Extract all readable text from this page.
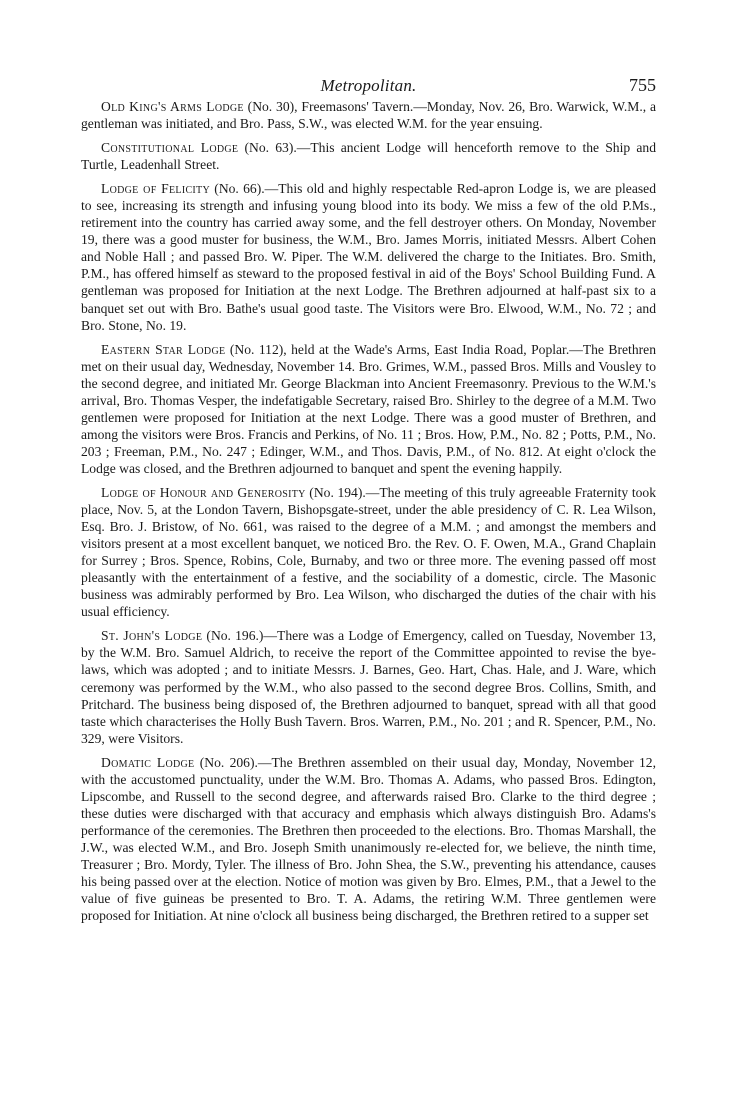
Metropolitan.	755

Old King's Arms Lodge (No. 30), Freemasons' Tavern.—Monday, Nov. 26, Bro. Warwick, W.M., a gentleman was initiated, and Bro. Pass, S.W., was elected W.M. for the year ensuing.

Constitutional Lodge (No. 63).—This ancient Lodge will henceforth remove to the Ship and Turtle, Leadenhall Street.

Lodge of Felicity (No. 66).—This old and highly respectable Red-apron Lodge is, we are pleased to see, increasing its strength and infusing young blood into its body. We miss a few of the old P.Ms., retirement into the country has carried away some, and the fell destroyer others. On Monday, November 19, there was a good muster for business, the W.M., Bro. James Morris, initiated Messrs. Albert Cohen and Noble Hall ; and passed Bro. W. Piper. The W.M. delivered the charge to the Initiates. Bro. Smith, P.M., has offered himself as steward to the proposed festival in aid of the Boys' School Building Fund. A gentleman was proposed for Initiation at the next Lodge. The Brethren adjourned at half-past six to a banquet set out with Bro. Bathe's usual good taste. The Visitors were Bro. Elwood, W.M., No. 72 ; and Bro. Stone, No. 19.

Eastern Star Lodge (No. 112), held at the Wade's Arms, East India Road, Poplar.—The Brethren met on their usual day, Wednesday, November 14. Bro. Grimes, W.M., passed Bros. Mills and Vousley to the second degree, and initiated Mr. George Blackman into Ancient Freemasonry. Previous to the W.M.'s arrival, Bro. Thomas Vesper, the indefatigable Secretary, raised Bro. Shirley to the degree of a M.M. Two gentlemen were proposed for Initiation at the next Lodge. There was a good muster of Brethren, and among the visitors were Bros. Francis and Perkins, of No. 11 ; Bros. How, P.M., No. 82 ; Potts, P.M., No. 203 ; Freeman, P.M., No. 247 ; Edinger, W.M., and Thos. Davis, P.M., of No. 812. At eight o'clock the Lodge was closed, and the Brethren adjourned to banquet and spent the evening happily.

Lodge of Honour and Generosity (No. 194).—The meeting of this truly agreeable Fraternity took place, Nov. 5, at the London Tavern, Bishopsgate-street, under the able presidency of C. R. Lea Wilson, Esq. Bro. J. Bristow, of No. 661, was raised to the degree of a M.M. ; and amongst the members and visitors present at a most excellent banquet, we noticed Bro. the Rev. O. F. Owen, M.A., Grand Chaplain for Surrey ; Bros. Spence, Robins, Cole, Burnaby, and two or three more. The evening passed off most pleasantly with the entertainment of a festive, and the sociability of a domestic, circle. The Masonic business was admirably performed by Bro. Lea Wilson, who discharged the duties of the chair with his usual efficiency.

St. John's Lodge (No. 196.)—There was a Lodge of Emergency, called on Tuesday, November 13, by the W.M. Bro. Samuel Aldrich, to receive the report of the Committee appointed to revise the bye-laws, which was adopted ; and to initiate Messrs. J. Barnes, Geo. Hart, Chas. Hale, and J. Ware, which ceremony was performed by the W.M., who also passed to the second degree Bros. Collins, Smith, and Pritchard. The business being disposed of, the Brethren adjourned to banquet, spread with all that good taste which characterises the Holly Bush Tavern. Bros. Warren, P.M., No. 201 ; and R. Spencer, P.M., No. 329, were Visitors.

Domatic Lodge (No. 206).—The Brethren assembled on their usual day, Monday, November 12, with the accustomed punctuality, under the W.M. Bro. Thomas A. Adams, who passed Bros. Edington, Lipscombe, and Russell to the second degree, and afterwards raised Bro. Clarke to the third degree ; these duties were discharged with that accuracy and emphasis which always distinguish Bro. Adams's performance of the ceremonies. The Brethren then proceeded to the elections. Bro. Thomas Marshall, the J.W., was elected W.M., and Bro. Joseph Smith unanimously re-elected for, we believe, the ninth time, Treasurer ; Bro. Mordy, Tyler. The illness of Bro. John Shea, the S.W., preventing his attendance, causes his being passed over at the election. Notice of motion was given by Bro. Elmes, P.M., that a Jewel to the value of five guineas be presented to Bro. T. A. Adams, the retiring W.M. Three gentlemen were proposed for Initiation. At nine o'clock all business being discharged, the Brethren retired to a supper set
